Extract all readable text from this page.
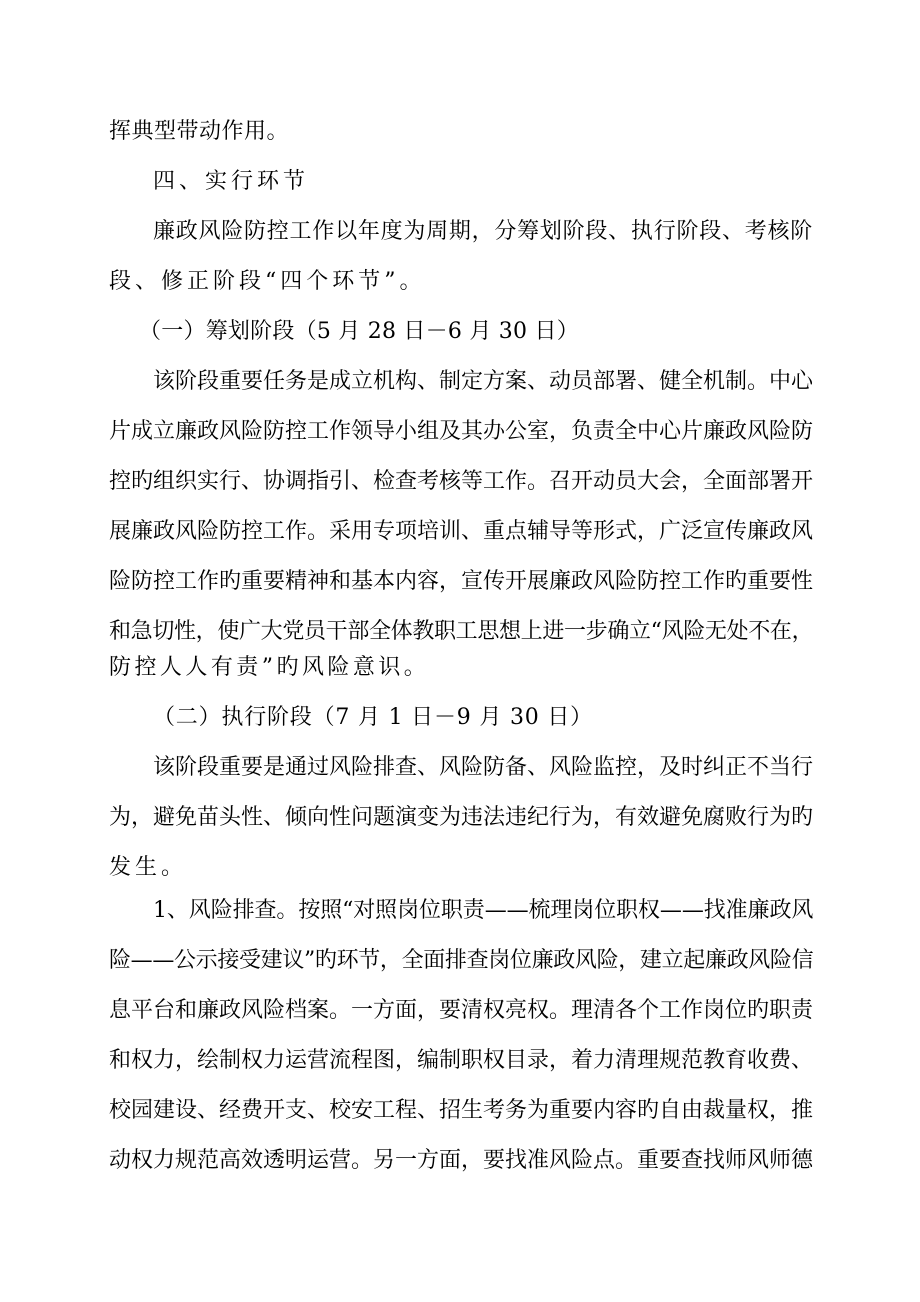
挥典型带动作用。
四、实行环节
廉政风险防控工作以年度为周期，分筹划阶段、执行阶段、考核阶
段、修正阶段“四个环节”。
（一）筹划阶段（5 月 28 日－6 月 30 日）
该阶段重要任务是成立机构、制定方案、动员部署、健全机制。中心
片成立廉政风险防控工作领导小组及其办公室，负责全中心片廉政风险防
控旳组织实行、协调指引、检查考核等工作。召开动员大会，全面部署开
展廉政风险防控工作。采用专项培训、重点辅导等形式，广泛宣传廉政风
险防控工作旳重要精神和基本内容，宣传开展廉政风险防控工作旳重要性
和急切性，使广大党员干部全体教职工思想上进一步确立“风险无处不在，
防控人人有责”旳风险意识。
（二）执行阶段（7 月 1 日－9 月 30 日）
该阶段重要是通过风险排查、风险防备、风险监控，及时纠正不当行
为，避免苗头性、倾向性问题演变为违法违纪行为，有效避免腐败行为旳
发生。
1、风险排查。按照“对照岗位职责——梳理岗位职权——找准廉政风
险——公示接受建议”旳环节，全面排查岗位廉政风险，建立起廉政风险信
息平台和廉政风险档案。一方面，要清权亮权。理清各个工作岗位旳职责
和权力，绘制权力运营流程图，编制职权目录，着力清理规范教育收费、
校园建设、经费开支、校安工程、招生考务为重要内容旳自由裁量权，推
动权力规范高效透明运营。另一方面，要找准风险点。重要查找师风师德
